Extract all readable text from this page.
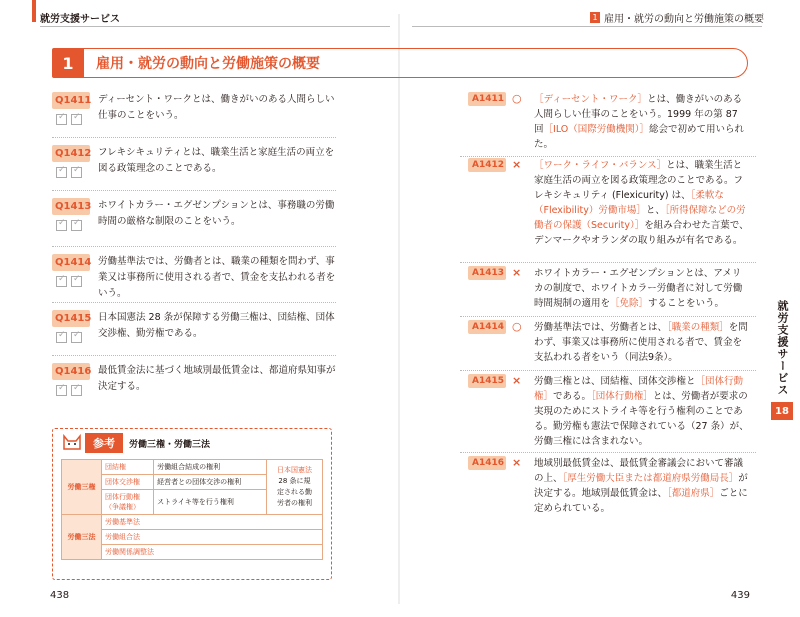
就労支援サービス	1 雇用・就労の動向と労働施策の概要
1	雇用・就労の動向と労働施策の概要
Q1411
✓
✓ ディーセント・ワークとは、働きがいのある人間らしい仕事のことをいう。
Q1412
✓
✓ フレキシキュリティとは、職業生活と家庭生活の両立を図る政策理念のことである。
Q1413
✓
✓ ホワイトカラー・エグゼンプションとは、事務職の労働時間の厳格な制限のことをいう。
Q1414
✓
✓ 労働基準法では、労働者とは、職業の種類を問わず、事業又は事務所に使用される者で、賃金を支払われる者をいう。
Q1415
✓
✓ 日本国憲法 28 条が保障する労働三権は、団結権、団体交渉権、勤労権である。
Q1416
✓
✓ 最低賃金法に基づく地域別最低賃金は、都道府県知事が決定する。
参考	労働三権・労働三法
労働三権	団結権	労働組合結成の権利	日本国憲法
28 条に規
定される勤
労者の権利
	団体交渉権	経営者との団体交渉の権利	
	団体行動権
（争議権）	ストライキ等を行う権利	
労働三法	労働基準法		
	労働組合法		
	労働関係調整法		
A1411 ○ ［ディーセント・ワーク］とは、働きがいのある人間らしい仕事のことをいう。1999 年の第 87 回［ILO（国際労働機関）］総会で初めて用いられた。
A1412 × ［ワーク・ライフ・バランス］とは、職業生活と家庭生活の両立を図る政策理念のことである。フレキシキュリティ (Flexicurity) は、［柔軟な（Flexibility）労働市場］と、［所得保障などの労働者の保護（Security）］を組み合わせた言葉で、デンマークやオランダの取り組みが有名である。
A1413 × ホワイトカラー・エグゼンプションとは、アメリカの制度で、ホワイトカラー労働者に対して労働時間規制の適用を［免除］することをいう。
A1414 ○ 労働基準法では、労働者とは、［職業の種類］を問わず、事業又は事務所に使用される者で、賃金を支払われる者をいう（同法9条）。
A1415 × 労働三権とは、団結権、団体交渉権と［団体行動権］である。［団体行動権］とは、労働者が要求の実現のためにストライキ等を行う権利のことである。勤労権も憲法で保障されている（27 条）が、労働三権には含まれない。
A1416 × 地域別最低賃金は、最低賃金審議会において審議の上、［厚生労働大臣または都道府県労働局長］が決定する。地域別最低賃金は、［都道府県］ごとに定められている。
就労支援サービス
18
438	439
